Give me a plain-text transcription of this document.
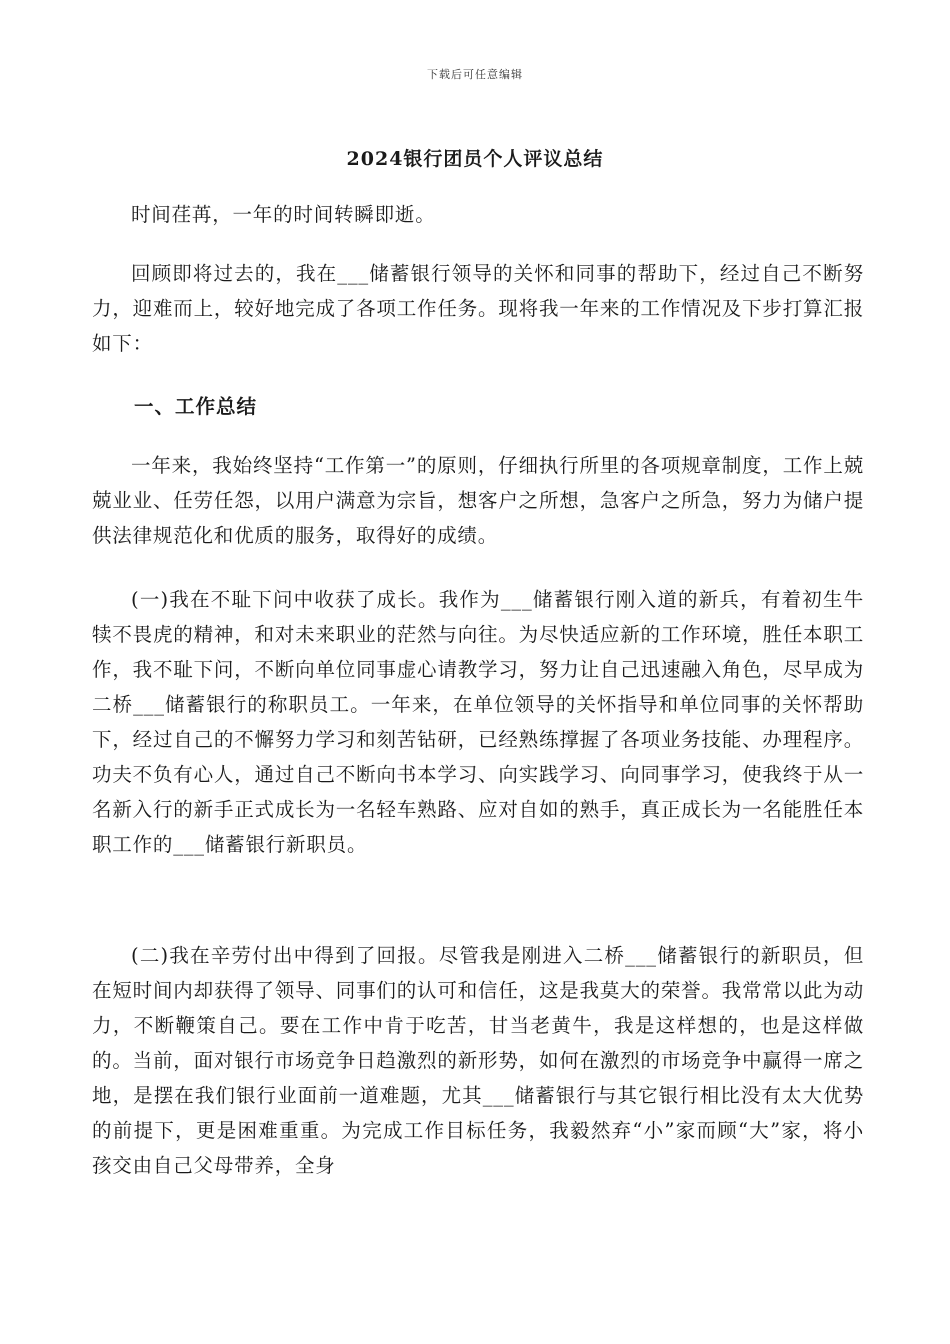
下载后可任意编辑
2024银行团员个人评议总结

时间荏苒，一年的时间转瞬即逝。

回顾即将过去的，我在___储蓄银行领导的关怀和同事的帮助下，经过自己不断努力，迎难而上，较好地完成了各项工作任务。现将我一年来的工作情况及下步打算汇报如下：

一、工作总结

一年来，我始终坚持“工作第一”的原则，仔细执行所里的各项规章制度，工作上兢兢业业、任劳任怨，以用户满意为宗旨，想客户之所想，急客户之所急，努力为储户提供法律规范化和优质的服务，取得好的成绩。

(一)我在不耻下问中收获了成长。我作为___储蓄银行刚入道的新兵，有着初生牛犊不畏虎的精神，和对未来职业的茫然与向往。为尽快适应新的工作环境，胜任本职工作，我不耻下问，不断向单位同事虚心请教学习，努力让自己迅速融入角色，尽早成为二桥___储蓄银行的称职员工。一年来，在单位领导的关怀指导和单位同事的关怀帮助下，经过自己的不懈努力学习和刻苦钻研，已经熟练撑握了各项业务技能、办理程序。功夫不负有心人，通过自己不断向书本学习、向实践学习、向同事学习，使我终于从一名新入行的新手正式成长为一名轻车熟路、应对自如的熟手，真正成长为一名能胜任本职工作的___储蓄银行新职员。

(二)我在辛劳付出中得到了回报。尽管我是刚进入二桥___储蓄银行的新职员，但在短时间内却获得了领导、同事们的认可和信任，这是我莫大的荣誉。我常常以此为动力，不断鞭策自己。要在工作中肯于吃苦，甘当老黄牛，我是这样想的，也是这样做的。当前，面对银行市场竞争日趋激烈的新形势，如何在激烈的市场竞争中赢得一席之地，是摆在我们银行业面前一道难题，尤其___储蓄银行与其它银行相比没有太大优势的前提下，更是困难重重。为完成工作目标任务，我毅然弃“小”家而顾“大”家，将小孩交由自己父母带养，全身
